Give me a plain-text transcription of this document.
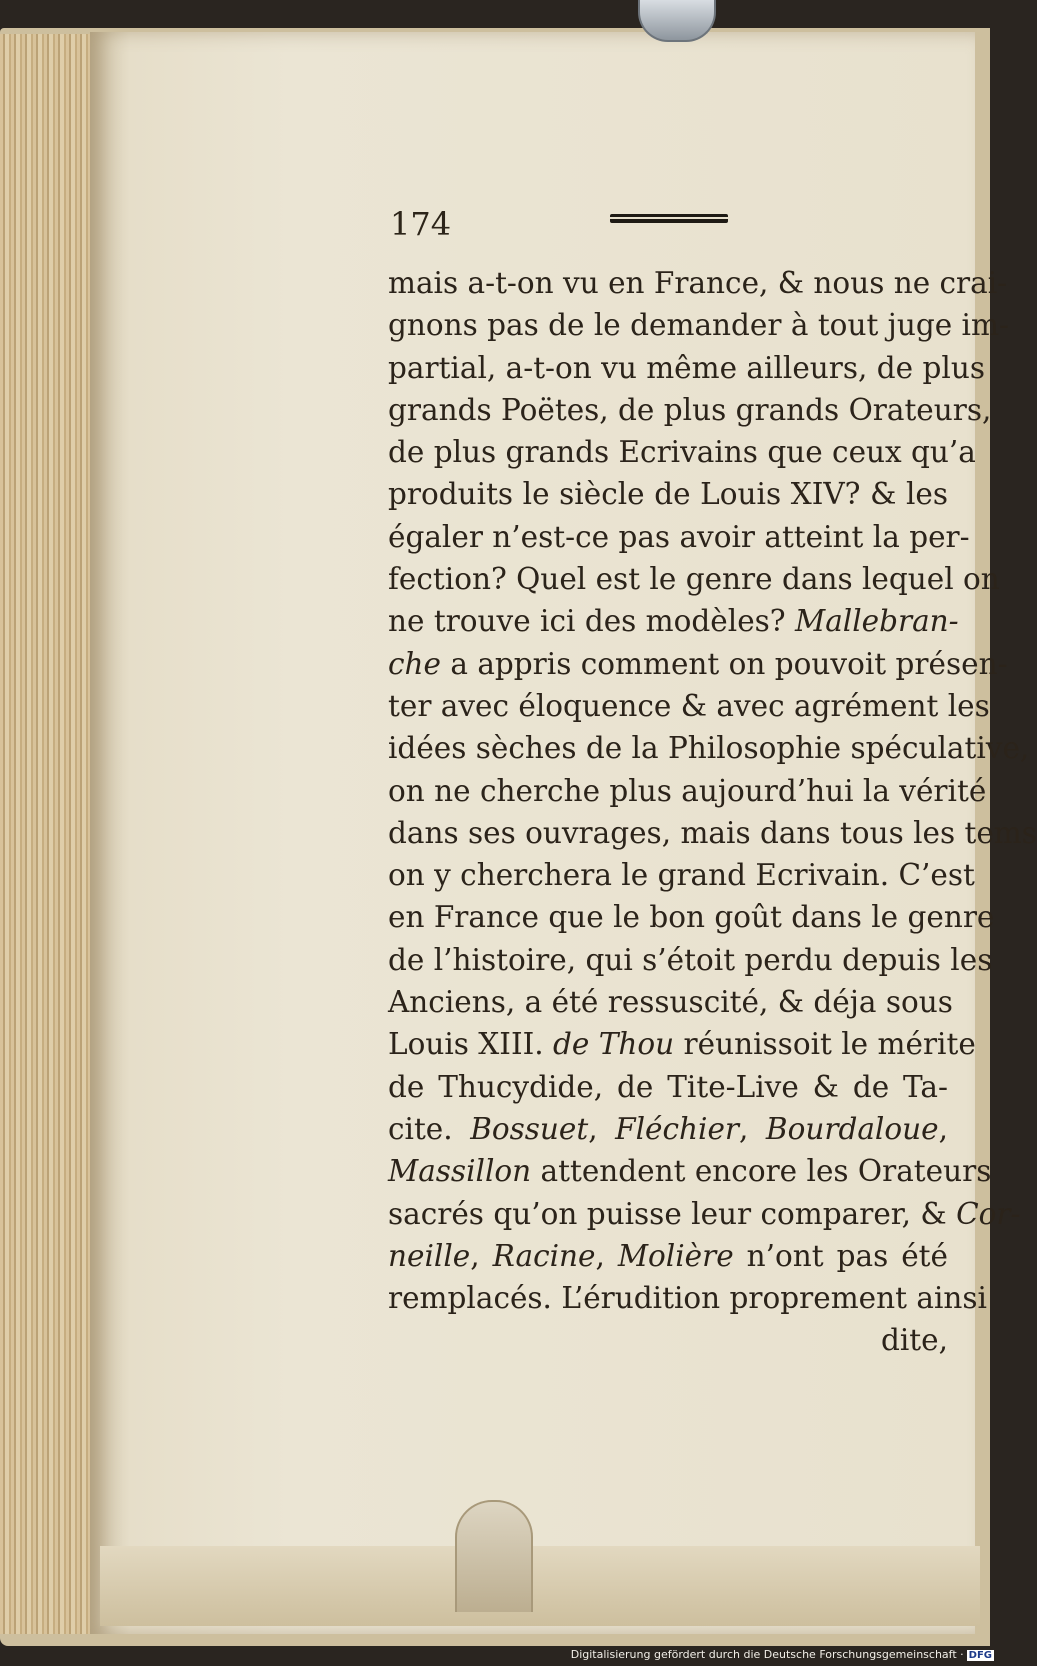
174
mais a-t-on vu en France, & nous ne crai-
gnons pas de le demander à tout juge im-
partial, a-t-on vu même ailleurs, de plus
grands Poëtes, de plus grands Orateurs,
de plus grands Ecrivains que ceux qu’a
produits le siècle de Louis XIV? & les
égaler n’est-ce pas avoir atteint la per-
fection? Quel est le genre dans lequel on
ne trouve ici des modèles? Mallebran-
che a appris comment on pouvoit présen-
ter avec éloquence & avec agrément les
idées sèches de la Philosophie spéculative,
on ne cherche plus aujourd’hui la vérité
dans ses ouvrages, mais dans tous les tems
on y cherchera le grand Ecrivain. C’est
en France que le bon goût dans le genre
de l’histoire, qui s’étoit perdu depuis les
Anciens, a été ressuscité, & déja sous
Louis XIII. de Thou réunissoit le mérite
de Thucydide, de Tite-Live & de Ta-
cite. Bossuet, Fléchier, Bourdaloue,
Massillon attendent encore les Orateurs
sacrés qu’on puisse leur comparer, & Cor-
neille, Racine, Molière n’ont pas été
remplacés. L’érudition proprement ainsi
dite,
Digitalisierung gefördert durch die Deutsche Forschungsgemeinschaft · DFG
